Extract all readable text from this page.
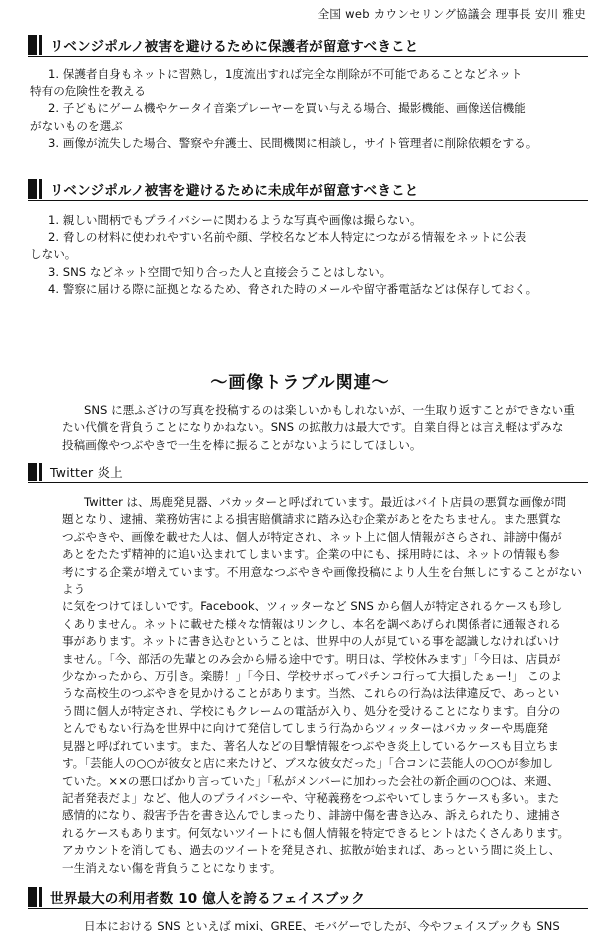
全国 web カウンセリング協議会 理事長 安川 雅史
リベンジポルノ被害を避けるために保護者が留意すべきこと

1. 保護者自身もネットに習熟し，1度流出すれば完全な削除が不可能であることなどネット

特有の危険性を教える

2. 子どもにゲーム機やケータイ音楽プレーヤーを買い与える場合、撮影機能、画像送信機能

がないものを選ぶ

3. 画像が流失した場合、警察や弁護士、民間機関に相談し，サイト管理者に削除依頼をする。

リベンジポルノ被害を避けるために未成年が留意すべきこと

1. 親しい間柄でもプライバシーに関わるような写真や画像は撮らない。

2. 脅しの材料に使われやすい名前や顔、学校名など本人特定につながる情報をネットに公表

しない。

3. SNS などネット空間で知り合った人と直接会うことはしない。

4. 警察に届ける際に証拠となるため、脅された時のメールや留守番電話などは保存しておく。

～画像トラブル関連～

SNS に悪ふざけの写真を投稿するのは楽しいかもしれないが、一生取り返すことができない重

たい代償を背負うことになりかねない。SNS の拡散力は最大です。自業自得とは言え軽はずみな

投稿画像やつぶやきで一生を棒に振ることがないようにしてほしい。

Twitter 炎上

Twitter は、馬鹿発見器、バカッターと呼ばれています。最近はバイト店員の悪質な画像が問

題となり、逮捕、業務妨害による損害賠償請求に踏み込む企業があとをたちません。また悪質な

つぶやきや、画像を載せた人は、個人が特定され、ネット上に個人情報がさらされ、誹謗中傷が

あとをたたず精神的に追い込まれてしまいます。企業の中にも、採用時には、ネットの情報も参

考にする企業が増えています。不用意なつぶやきや画像投稿により人生を台無しにすることがないよう

に気をつけてほしいです。Facebook、ツィッターなど SNS から個人が特定されるケースも珍し

くありません。ネットに載せた様々な情報はリンクし、本名を調べあげられ関係者に通報される

事があります。ネットに書き込むということは、世界中の人が見ている事を認識しなければいけ

ません。「今、部活の先輩とのみ会から帰る途中です。明日は、学校休みます」「今日は、店員が

少なかったから、万引き。楽勝！」「今日、学校サボってパチンコ行って大損したぁー!」 このよ

うな高校生のつぶやきを見かけることがあります。当然、これらの行為は法律違反で、あっとい

う間に個人が特定され、学校にもクレームの電話が入り、処分を受けることになります。自分の

とんでもない行為を世界中に向けて発信してしまう行為からツィッターはバカッターや馬鹿発

見器と呼ばれています。また、著名人などの目撃情報をつぶやき炎上しているケースも目立ちま

す。「芸能人の○○が彼女と店に来たけど、ブスな彼女だった」「合コンに芸能人の○○が参加し

ていた。××の悪口ばかり言っていた」「私がメンバーに加わった会社の新企画の○○は、来週、

記者発表だよ」など、他人のプライバシーや、守秘義務をつぶやいてしまうケースも多い。また

感情的になり、殺害予告を書き込んでしまったり、誹謗中傷を書き込み、訴えられたり、逮捕さ

れるケースもあります。何気ないツイートにも個人情報を特定できるヒントはたくさんあります。

アカウントを消しても、過去のツイートを発見され、拡散が始まれば、あっという間に炎上し、

一生消えない傷を背負うことになります。

世界最大の利用者数 10 億人を誇るフェイスブック

日本における SNS といえば mixi、GREE、モバゲーでしたが、今やフェイスブックも SNS
